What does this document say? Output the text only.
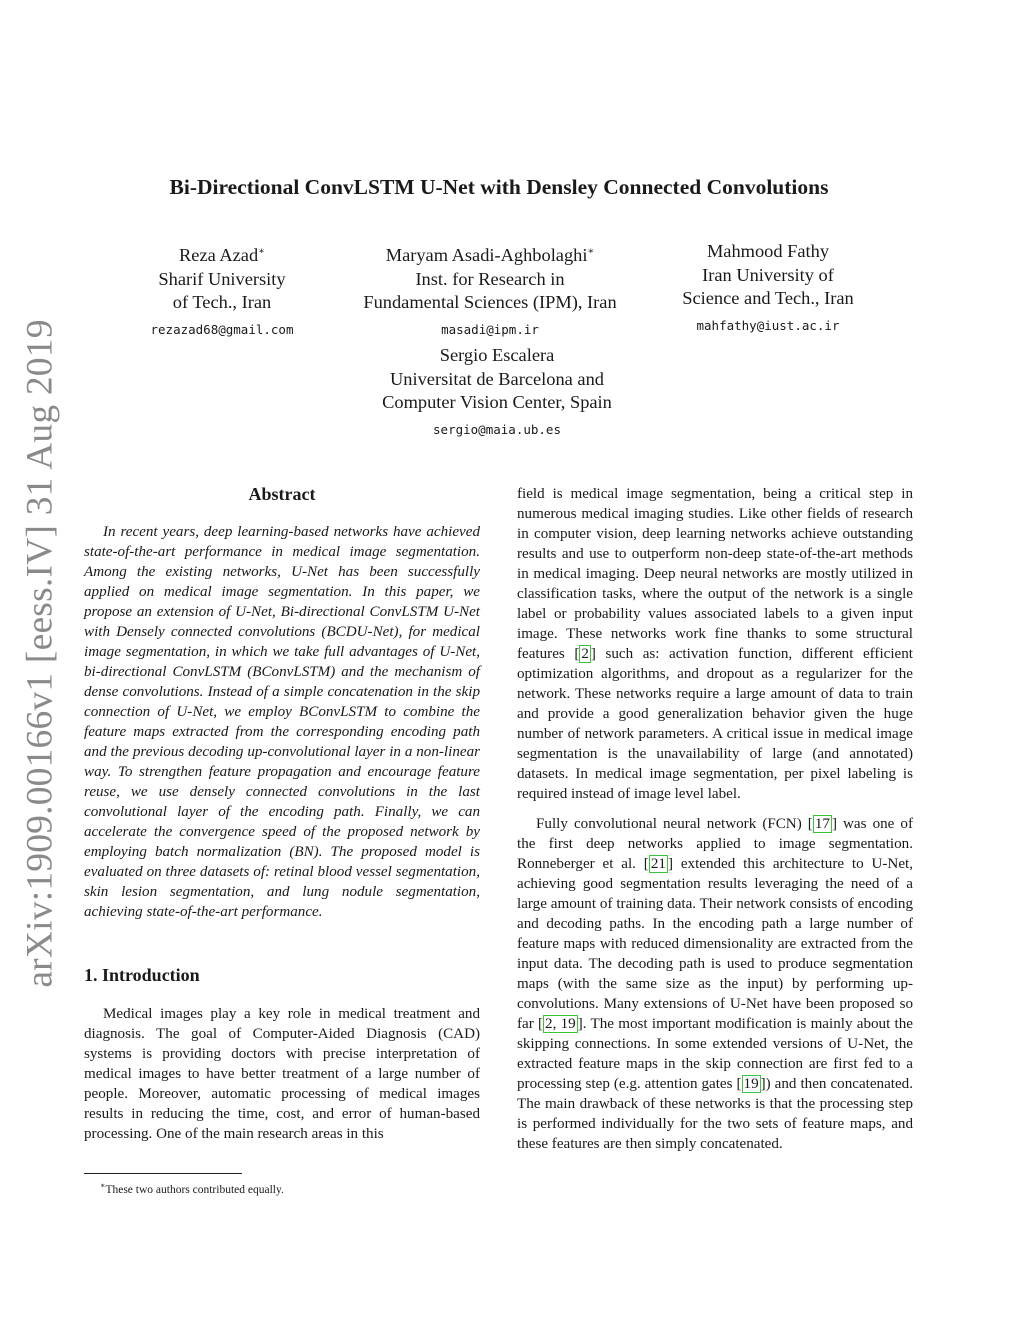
arXiv:1909.00166v1 [eess.IV] 31 Aug 2019
Bi-Directional ConvLSTM U-Net with Densley Connected Convolutions
Reza Azad∗
Sharif University
of Tech., Iran
rezazad68@gmail.com
Maryam Asadi-Aghbolaghi∗
Inst. for Research in
Fundamental Sciences (IPM), Iran
masadi@ipm.ir
Mahmood Fathy
Iran University of
Science and Tech., Iran
mahfathy@iust.ac.ir
Sergio Escalera
Universitat de Barcelona and
Computer Vision Center, Spain
sergio@maia.ub.es
Abstract

In recent years, deep learning-based networks have achieved state-of-the-art performance in medical image segmentation. Among the existing networks, U-Net has been successfully applied on medical image segmentation. In this paper, we propose an extension of U-Net, Bi-directional ConvLSTM U-Net with Densely connected convolutions (BCDU-Net), for medical image segmentation, in which we take full advantages of U-Net, bi-directional ConvLSTM (BConvLSTM) and the mechanism of dense convolutions. Instead of a simple concatenation in the skip connection of U-Net, we employ BConvLSTM to combine the feature maps extracted from the corresponding encoding path and the previous decoding up-convolutional layer in a non-linear way. To strengthen feature propagation and encourage feature reuse, we use densely connected convolutions in the last convolutional layer of the encoding path. Finally, we can accelerate the convergence speed of the proposed network by employing batch normalization (BN). The proposed model is evaluated on three datasets of: retinal blood vessel segmentation, skin lesion segmentation, and lung nodule segmentation, achieving state-of-the-art performance.

1. Introduction

Medical images play a key role in medical treatment and diagnosis. The goal of Computer-Aided Diagnosis (CAD) systems is providing doctors with precise interpretation of medical images to have better treatment of a large number of people. Moreover, automatic processing of medical images results in reducing the time, cost, and error of human-based processing. One of the main research areas in this

field is medical image segmentation, being a critical step in numerous medical imaging studies. Like other fields of research in computer vision, deep learning networks achieve outstanding results and use to outperform non-deep state-of-the-art methods in medical imaging. Deep neural networks are mostly utilized in classification tasks, where the output of the network is a single label or probability values associated labels to a given input image. These networks work fine thanks to some structural features [ 2 ] such as: activation function, different efficient optimization algorithms, and dropout as a regularizer for the network. These networks require a large amount of data to train and provide a good generalization behavior given the huge number of network parameters. A critical issue in medical image segmentation is the unavailability of large (and annotated) datasets. In medical image segmentation, per pixel labeling is required instead of image level label.

Fully convolutional neural network (FCN) [ 17 ] was one of the first deep networks applied to image segmentation. Ronneberger et al. [ 21 ] extended this architecture to U-Net, achieving good segmentation results leveraging the need of a large amount of training data. Their network consists of encoding and decoding paths. In the encoding path a large number of feature maps with reduced dimensionality are extracted from the input data. The decoding path is used to produce segmentation maps (with the same size as the input) by performing up-convolutions. Many extensions of U-Net have been proposed so far [ 2, 19 ]. The most important modification is mainly about the skipping connections. In some extended versions of U-Net, the extracted feature maps in the skip connection are first fed to a processing step (e.g. attention gates [ 19 ]) and then concatenated. The main drawback of these networks is that the processing step is performed individually for the two sets of feature maps, and these features are then simply concatenated.

∗These two authors contributed equally.
